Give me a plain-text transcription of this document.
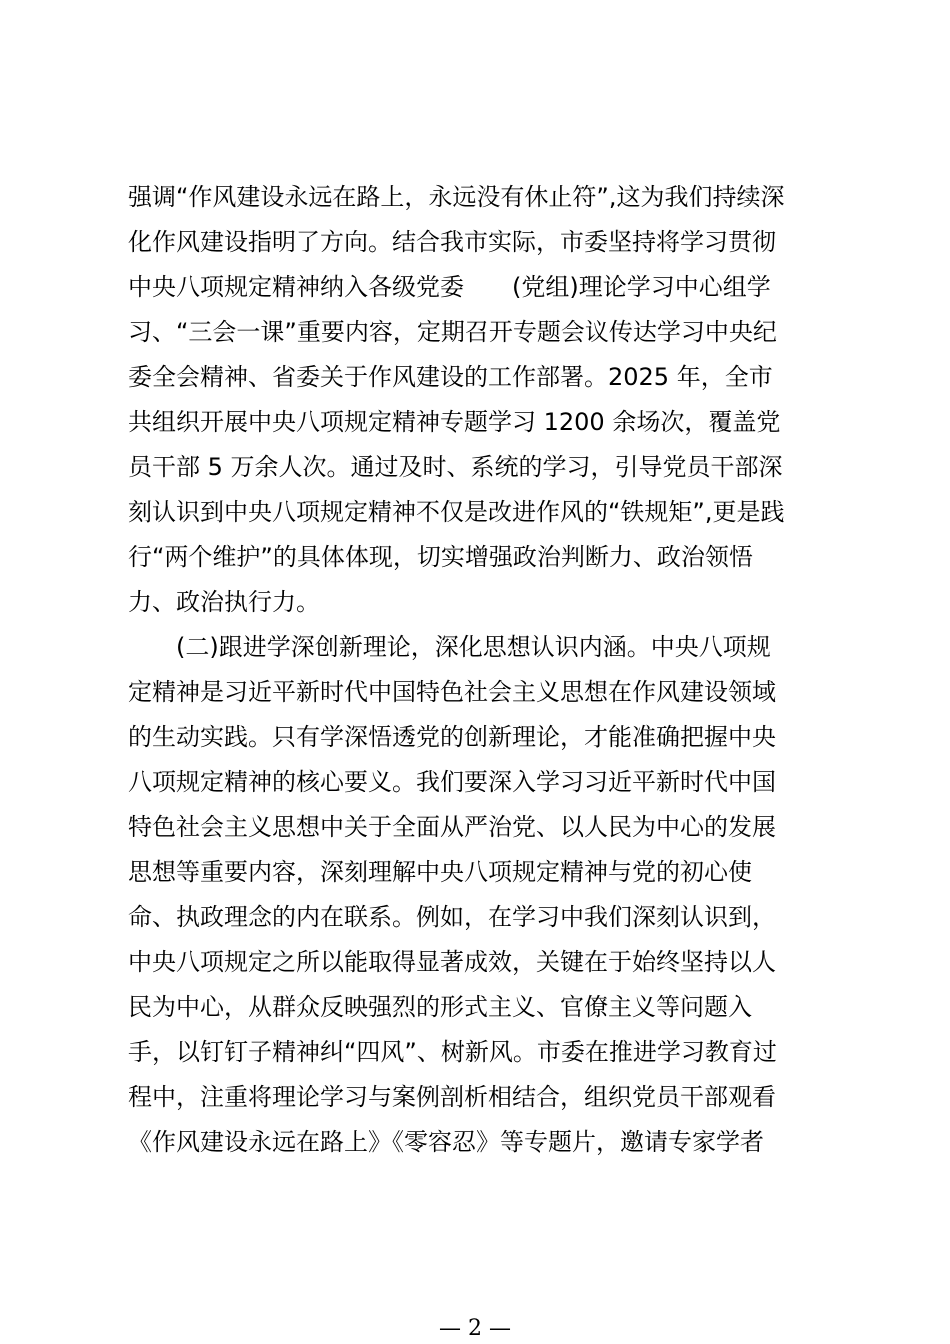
强调“作风建设永远在路上，永远没有休止符”,这为我们持续深
化作风建设指明了方向。结合我市实际，市委坚持将学习贯彻
中央八项规定精神纳入各级党委　　(党组)理论学习中心组学
习、“三会一课”重要内容，定期召开专题会议传达学习中央纪
委全会精神、省委关于作风建设的工作部署。2025 年，全市
共组织开展中央八项规定精神专题学习 1200 余场次，覆盖党
员干部 5 万余人次。通过及时、系统的学习，引导党员干部深
刻认识到中央八项规定精神不仅是改进作风的“铁规矩”,更是践
行“两个维护”的具体体现，切实增强政治判断力、政治领悟
力、政治执行力。
(二)跟进学深创新理论，深化思想认识内涵。中央八项规
定精神是习近平新时代中国特色社会主义思想在作风建设领域
的生动实践。只有学深悟透党的创新理论，才能准确把握中央
八项规定精神的核心要义。我们要深入学习习近平新时代中国
特色社会主义思想中关于全面从严治党、以人民为中心的发展
思想等重要内容，深刻理解中央八项规定精神与党的初心使
命、执政理念的内在联系。例如，在学习中我们深刻认识到，
中央八项规定之所以能取得显著成效，关键在于始终坚持以人
民为中心，从群众反映强烈的形式主义、官僚主义等问题入
手，以钉钉子精神纠“四风”、树新风。市委在推进学习教育过
程中，注重将理论学习与案例剖析相结合，组织党员干部观看
《作风建设永远在路上》《零容忍》等专题片，邀请专家学者
— 2 —
